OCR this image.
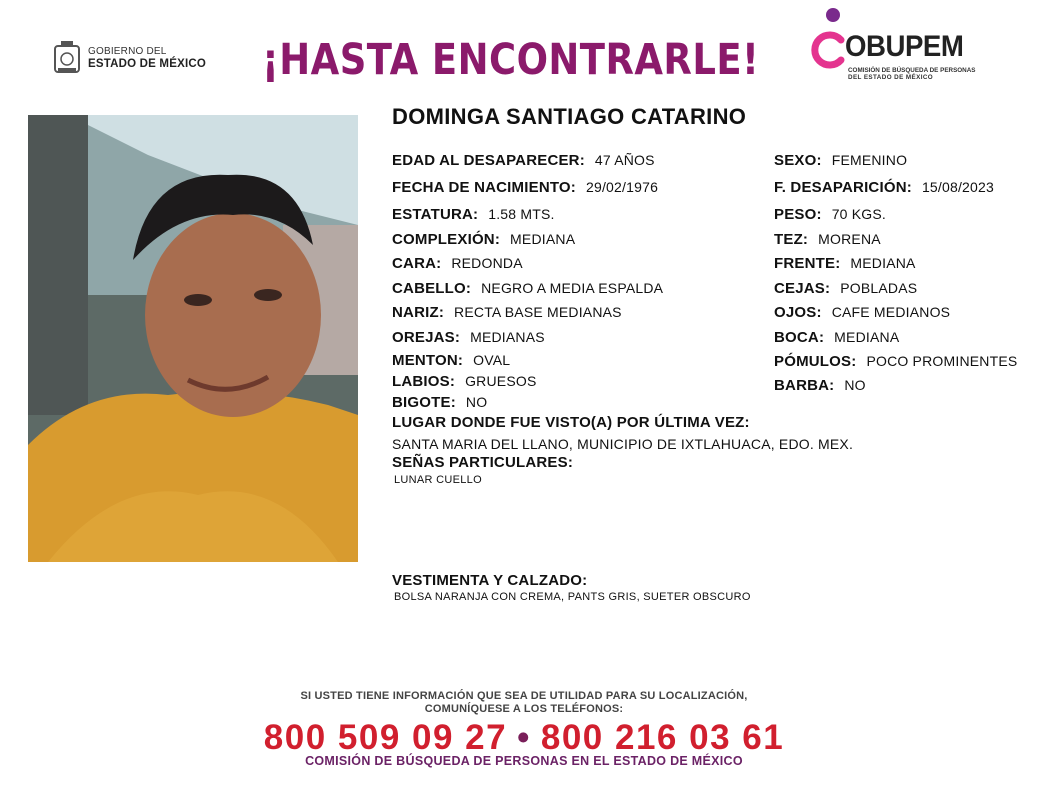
GOBIERNO DEL
ESTADO DE MÉXICO ¡HASTA ENCONTRARLE!	OBUPEM
COMISIÓN DE BÚSQUEDA DE PERSONAS
DEL ESTADO DE MÉXICO
DOMINGA SANTIAGO CATARINO
EDAD AL DESAPARECER: 47 AÑOS
FECHA DE NACIMIENTO: 29/02/1976
ESTATURA: 1.58 MTS.
COMPLEXIÓN: MEDIANA
CARA: REDONDA
CABELLO: NEGRO A MEDIA ESPALDA
NARIZ: RECTA BASE MEDIANAS
OREJAS: MEDIANAS
MENTON: OVAL
LABIOS: GRUESOS
BIGOTE: NO
SEXO: FEMENINO
F. DESAPARICIÓN: 15/08/2023
PESO: 70 KGS.
TEZ: MORENA
FRENTE: MEDIANA
CEJAS: POBLADAS
OJOS: CAFE MEDIANOS
BOCA: MEDIANA
PÓMULOS: POCO PROMINENTES
BARBA: NO
LUGAR DONDE FUE VISTO(A) POR ÚLTIMA VEZ:
SANTA MARIA DEL LLANO, MUNICIPIO DE IXTLAHUACA, EDO. MEX.
SEÑAS PARTICULARES:
LUNAR CUELLO
VESTIMENTA Y CALZADO:
BOLSA NARANJA CON CREMA, PANTS GRIS, SUETER OBSCURO
SI USTED TIENE INFORMACIÓN QUE SEA DE UTILIDAD PARA SU LOCALIZACIÓN,
COMUNÍQUESE A LOS TELÉFONOS:
800 509 09 27 • 800 216 03 61
COMISIÓN DE BÚSQUEDA DE PERSONAS EN EL ESTADO DE MÉXICO
